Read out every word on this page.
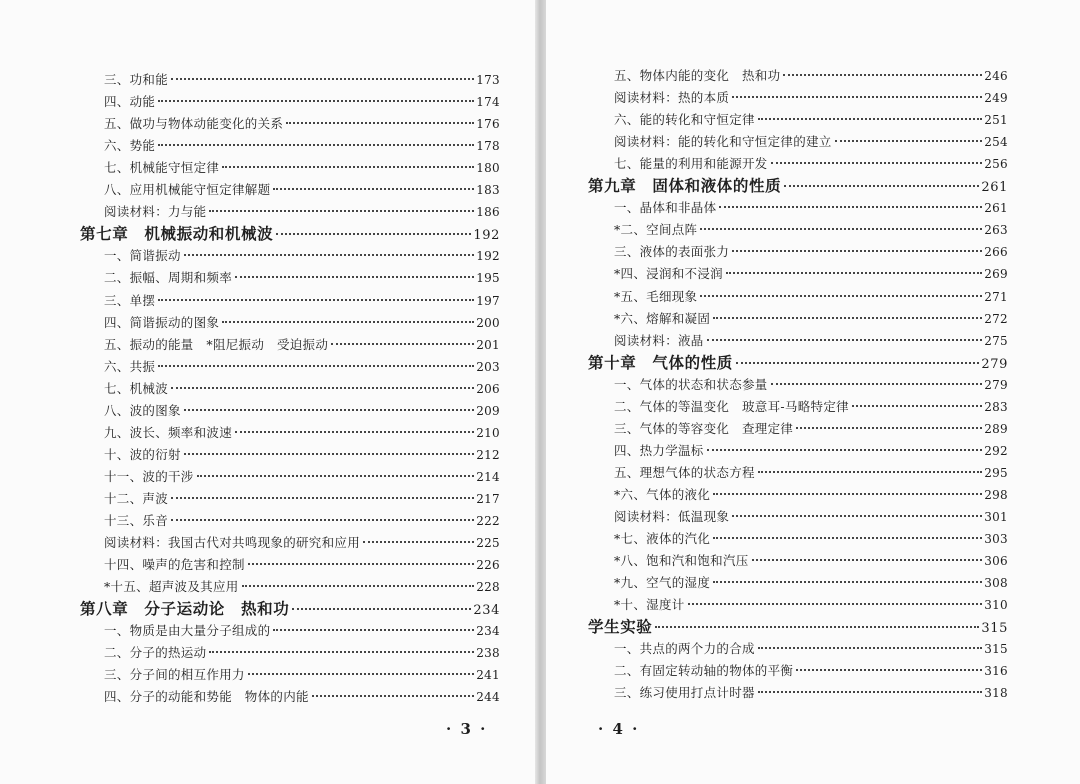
三、功和能	173
四、动能	174
五、做功与物体动能变化的关系	176
六、势能	178
七、机械能守恒定律	180
八、应用机械能守恒定律解题	183
阅读材料：力与能	186
第七章　机械振动和机械波	192
一、简谐振动	192
二、振幅、周期和频率	195
三、单摆	197
四、简谐振动的图象	200
五、振动的能量　*阻尼振动　受迫振动	201
六、共振	203
七、机械波	206
八、波的图象	209
九、波长、频率和波速	210
十、波的衍射	212
十一、波的干涉	214
十二、声波	217
十三、乐音	222
阅读材料：我国古代对共鸣现象的研究和应用	225
十四、噪声的危害和控制	226
*十五、超声波及其应用	228
第八章　分子运动论　热和功	234
一、物质是由大量分子组成的	234
二、分子的热运动	238
三、分子间的相互作用力	241
四、分子的动能和势能　物体的内能	244
· 3 ·
五、物体内能的变化　热和功	246
阅读材料：热的本质	249
六、能的转化和守恒定律	251
阅读材料：能的转化和守恒定律的建立	254
七、能量的利用和能源开发	256
第九章　固体和液体的性质	261
一、晶体和非晶体	261
*二、空间点阵	263
三、液体的表面张力	266
*四、浸润和不浸润	269
*五、毛细现象	271
*六、熔解和凝固	272
阅读材料：液晶	275
第十章　气体的性质	279
一、气体的状态和状态参量	279
二、气体的等温变化　玻意耳-马略特定律	283
三、气体的等容变化　查理定律	289
四、热力学温标	292
五、理想气体的状态方程	295
*六、气体的液化	298
阅读材料：低温现象	301
*七、液体的汽化	303
*八、饱和汽和饱和汽压	306
*九、空气的湿度	308
*十、湿度计	310
学生实验	315
一、共点的两个力的合成	315
二、有固定转动轴的物体的平衡	316
三、练习使用打点计时器	318
· 4 ·
